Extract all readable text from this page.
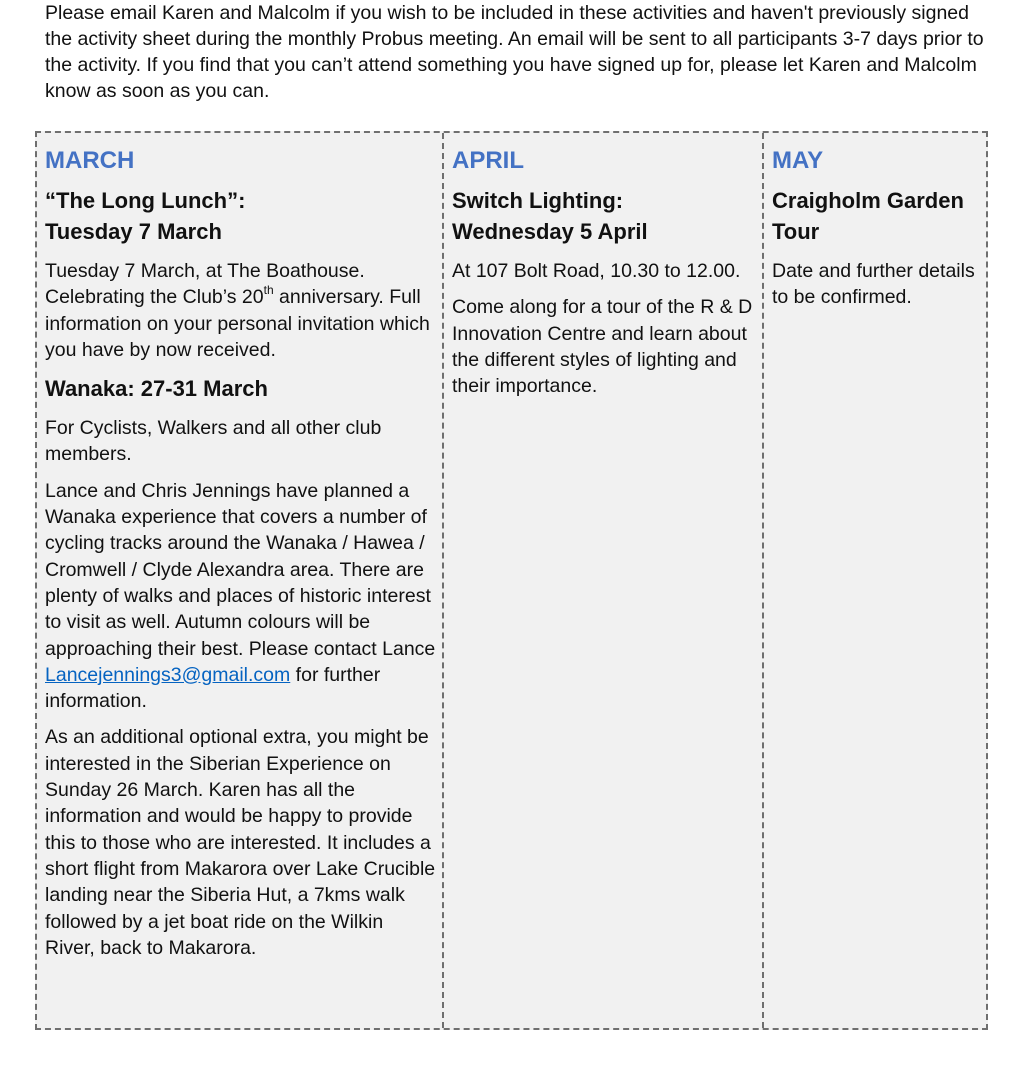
Please email Karen and Malcolm if you wish to be included in these activities and haven't previously signed the activity sheet during the monthly Probus meeting. An email will be sent to all participants 3-7 days prior to the activity. If you find that you can’t attend something you have signed up for, please let Karen and Malcolm know as soon as you can.

MARCH
“The Long Lunch”:
Tuesday 7 March

Tuesday 7 March, at The Boathouse. Celebrating the Club’s 20th anniversary. Full information on your personal invitation which you have by now received.

Wanaka: 27-31 March

For Cyclists, Walkers and all other club members.

Lance and Chris Jennings have planned a Wanaka experience that covers a number of cycling tracks around the Wanaka / Hawea / Cromwell / Clyde Alexandra area. There are plenty of walks and places of historic interest to visit as well. Autumn colours will be approaching their best. Please contact Lance Lancejennings3@gmail.com for further information.

As an additional optional extra, you might be interested in the Siberian Experience on Sunday 26 March. Karen has all the information and would be happy to provide this to those who are interested. It includes a short flight from Makarora over Lake Crucible landing near the Siberia Hut, a 7kms walk followed by a jet boat ride on the Wilkin River, back to Makarora.

APRIL
Switch Lighting:
Wednesday 5 April

At 107 Bolt Road, 10.30 to 12.00.

Come along for a tour of the R & D Innovation Centre and learn about the different styles of lighting and their importance.

MAY
Craigholm Garden
Tour

Date and further details to be confirmed.
